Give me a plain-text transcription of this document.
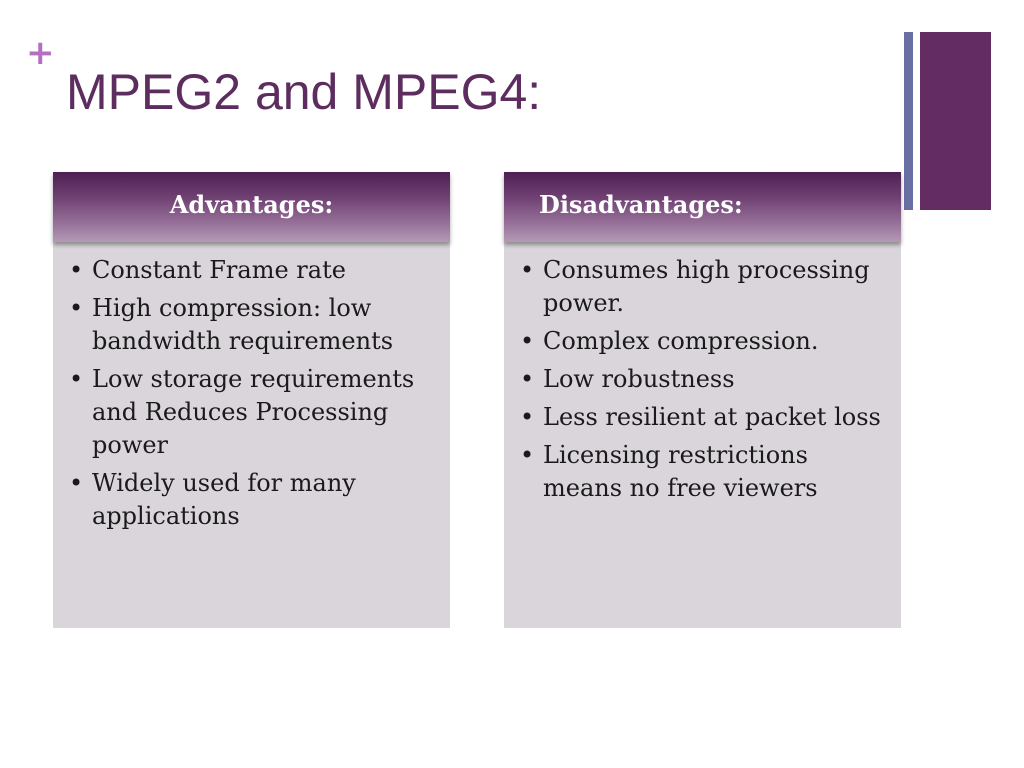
+
MPEG2 and MPEG4:
Advantages:
• Constant Frame rate
• High compression: low bandwidth requirements
• Low storage requirements and Reduces Processing power
• Widely used for many applications
Disadvantages:
• Consumes high processing power.
• Complex compression.
• Low robustness
• Less resilient at packet loss
• Licensing restrictions means no free viewers
